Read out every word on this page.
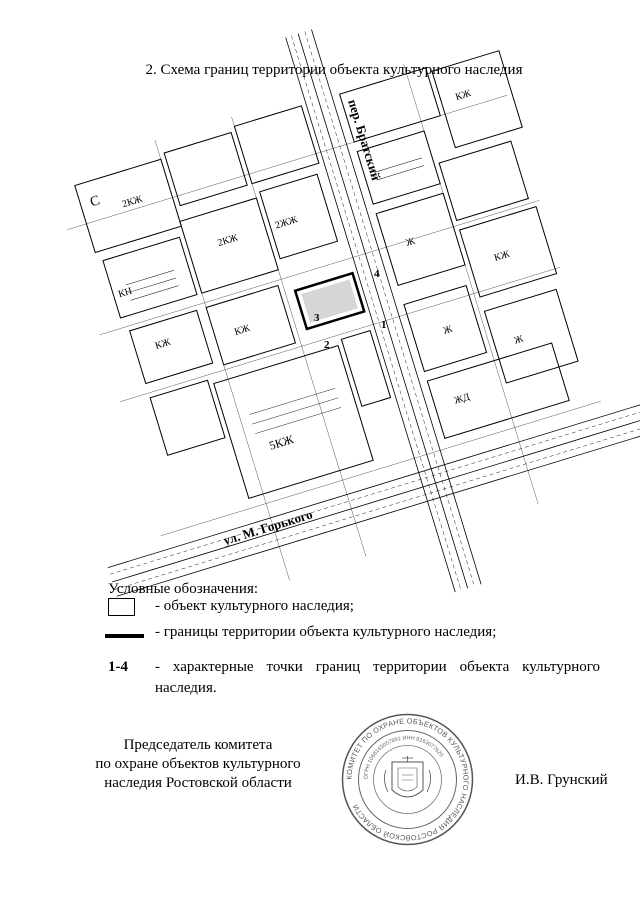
2. Схема границ территории объекта культурного наследия
С 2КЖ
2КЖ
2ЖЖ
5КЖ
КЖ
КЖ
Ж
КЖ
Ж
Ж
КН
ЖД
КЖ
4
3
2
1
ул. М. Горького
пер. Братский
Условные обозначения:
- объект культурного наследия;
- границы территории объекта культурного наследия;
1-4 - характерные точки границ территории объекта культурного наследия.
Председатель комитета
по охране объектов культурного
наследия Ростовской области	КОМИТЕТ ПО ОХРАНЕ ОБЪЕКТОВ КУЛЬТУРНОГО НАСЛЕДИЯ РОСТОВСКОЙ ОБЛАСТИ
ОГРН 1066163057891 ИНН 6163077620
И.В. Грунский
